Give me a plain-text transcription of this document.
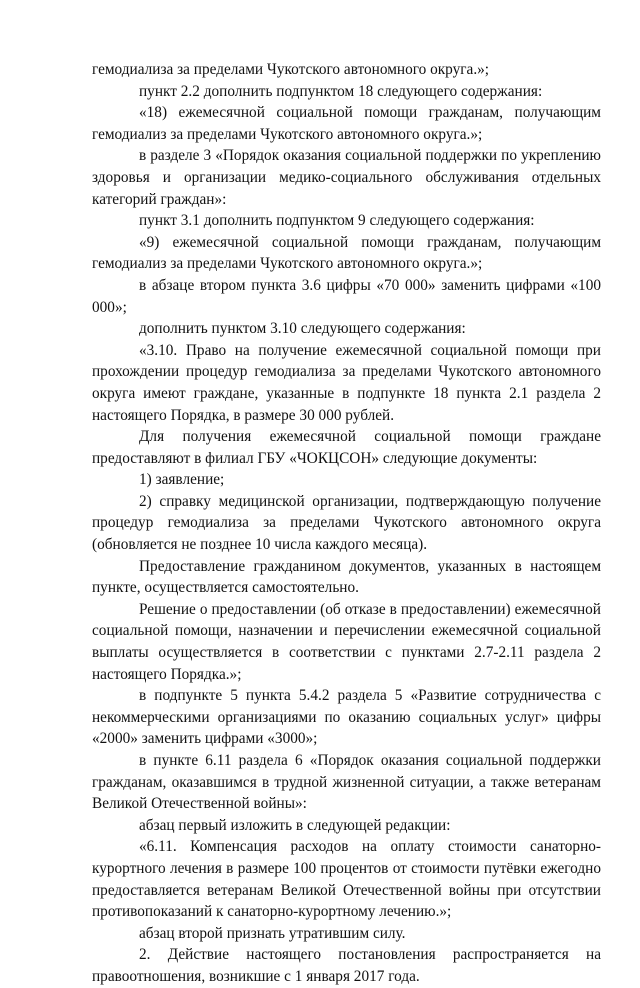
гемодиализа за пределами Чукотского автономного округа.»;

пункт 2.2 дополнить подпунктом 18 следующего содержания:

«18) ежемесячной социальной помощи гражданам, получающим гемодиализ за пределами Чукотского автономного округа.»;

в разделе 3 «Порядок оказания социальной поддержки по укреплению здоровья и организации медико-социального обслуживания отдельных категорий граждан»:

пункт 3.1 дополнить подпунктом 9 следующего содержания:

«9) ежемесячной социальной помощи гражданам, получающим гемодиализ за пределами Чукотского автономного округа.»;

в абзаце втором пункта 3.6 цифры «70 000» заменить цифрами «100 000»;

дополнить пунктом 3.10 следующего содержания:

«3.10. Право на получение ежемесячной социальной помощи при прохождении процедур гемодиализа за пределами Чукотского автономного округа имеют граждане, указанные в подпункте 18 пункта 2.1 раздела 2 настоящего Порядка, в размере 30 000 рублей.

Для получения ежемесячной социальной помощи граждане предоставляют в филиал ГБУ «ЧОКЦСОН» следующие документы:

1) заявление;

2) справку медицинской организации, подтверждающую получение процедур гемодиализа за пределами Чукотского автономного округа (обновляется не позднее 10 числа каждого месяца).

Предоставление гражданином документов, указанных в настоящем пункте, осуществляется самостоятельно.

Решение о предоставлении (об отказе в предоставлении) ежемесячной социальной помощи, назначении и перечислении ежемесячной социальной выплаты осуществляется в соответствии с пунктами 2.7-2.11 раздела 2 настоящего Порядка.»;

в подпункте 5 пункта 5.4.2 раздела 5 «Развитие сотрудничества с некоммерческими организациями по оказанию социальных услуг» цифры «2000» заменить цифрами «3000»;

в пункте 6.11 раздела 6 «Порядок оказания социальной поддержки гражданам, оказавшимся в трудной жизненной ситуации, а также ветеранам Великой Отечественной войны»:

абзац первый изложить в следующей редакции:

«6.11. Компенсация расходов на оплату стоимости санаторно-курортного лечения в размере 100 процентов от стоимости путёвки ежегодно предоставляется ветеранам Великой Отечественной войны при отсутствии противопоказаний к санаторно-курортному лечению.»;

абзац второй признать утратившим силу.

2. Действие настоящего постановления распространяется на правоотношения, возникшие с 1 января 2017 года.
